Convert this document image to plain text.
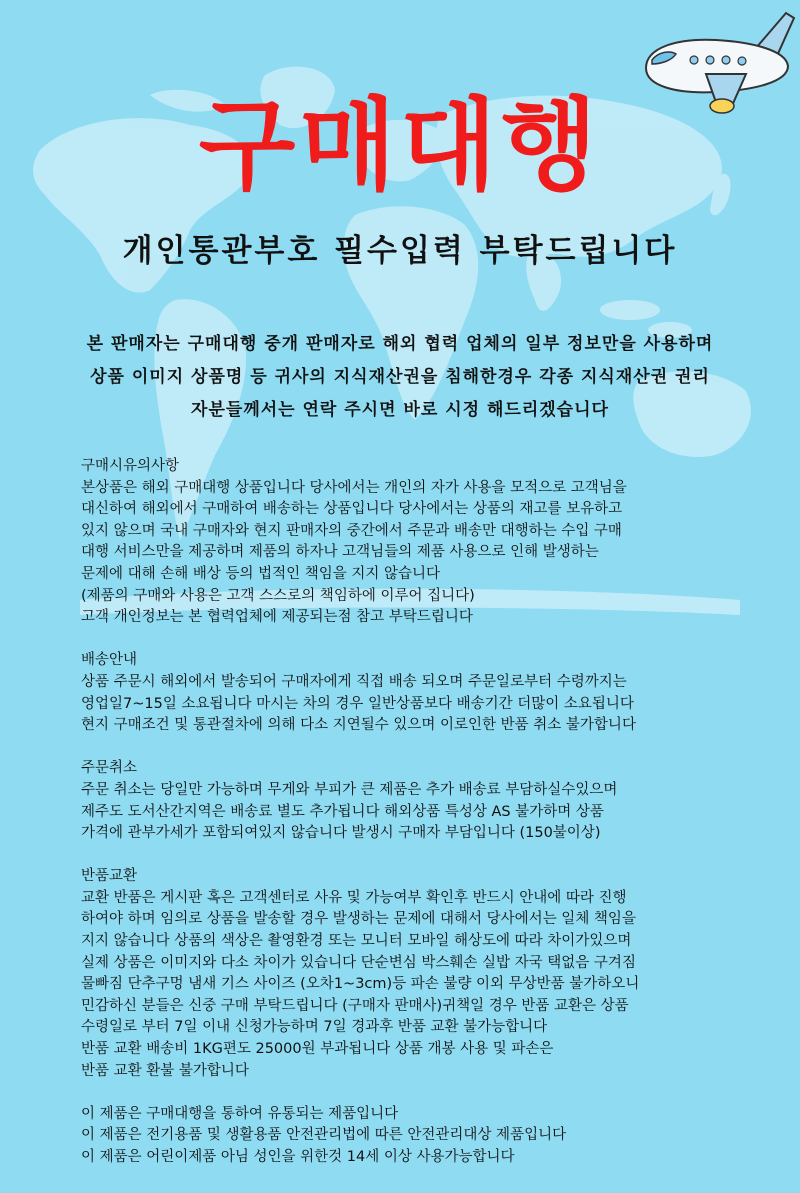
구매대행
개인통관부호 필수입력 부탁드립니다
본 판매자는 구매대행 중개 판매자로 해외 협력 업체의 일부 정보만을 사용하며
상품 이미지 상품명 등 귀사의 지식재산권을 침해한경우 각종 지식재산권 권리
자분들께서는 연락 주시면 바로 시정 해드리겠습니다
구매시유의사항
본상품은 해외 구매대행 상품입니다 당사에서는 개인의 자가 사용을 모적으로 고객님을
대신하여 해외에서 구매하여 배송하는 상품입니다 당사에서는 상품의 재고를 보유하고
있지 않으며 국내 구매자와 현지 판매자의 중간에서 주문과 배송만 대행하는 수입 구매
대행 서비스만을 제공하며 제품의 하자나 고객님들의 제품 사용으로 인해 발생하는
문제에 대해 손해 배상 등의 법적인 책임을 지지 않습니다
(제품의 구매와 사용은 고객 스스로의 책임하에 이루어 집니다)
고객 개인정보는 본 협력업체에 제공되는점 참고 부탁드립니다
배송안내
상품 주문시 해외에서 발송되어 구매자에게 직접 배송 되오며 주문일로부터 수령까지는
영업일7~15일 소요됩니다 마시는 차의 경우 일반상품보다 배송기간 더많이 소요됩니다
현지 구매조건 및 통관절차에 의해 다소 지연될수 있으며 이로인한 반품 취소 불가합니다
주문취소
주문 취소는 당일만 가능하며 무게와 부피가 큰 제품은 추가 배송료 부담하실수있으며
제주도 도서산간지역은 배송료 별도 추가됩니다 해외상품 특성상 AS 불가하며 상품
가격에 관부가세가 포함되여있지 않습니다 발생시 구매자 부담입니다 (150불이상)
반품교환
교환 반품은 게시판 혹은 고객센터로 사유 및 가능여부 확인후 반드시 안내에 따라 진행
하여야 하며 임의로 상품을 발송할 경우 발생하는 문제에 대해서 당사에서는 일체 책임을
지지 않습니다 상품의 색상은 촬영환경 또는 모니터 모바일 해상도에 따라 차이가있으며
실제 상품은 이미지와 다소 차이가 있습니다 단순변심 박스훼손 실밥 자국 택없음 구겨짐
물빠짐 단추구멍 냄새 기스 사이즈 (오차1~3cm)등 파손 불량 이외 무상반품 불가하오니
민감하신 분들은 신중 구매 부탁드립니다 (구매자 판매사)귀책일 경우 반품 교환은 상품
수령일로 부터 7일 이내 신청가능하며 7일 경과후 반품 교환 불가능합니다
반품 교환 배송비 1KG편도 25000원 부과됩니다 상품 개봉 사용 및 파손은
반품 교환 환불 불가합니다
이 제품은 구매대행을 통하여 유통되는 제품입니다
이 제품은 전기용품 및 생활용품 안전관리법에 따른 안전관리대상 제품입니다
이 제품은 어린이제품 아님 성인을 위한것 14세 이상 사용가능합니다
